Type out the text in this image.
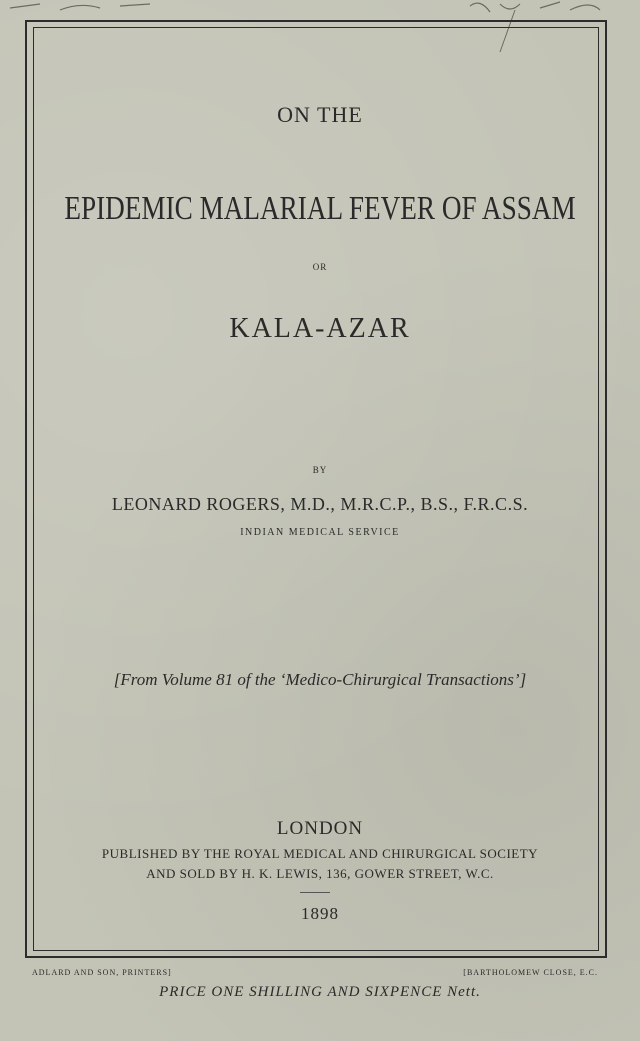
ON THE
EPIDEMIC MALARIAL FEVER OF ASSAM
OR
KALA-AZAR
BY
LEONARD ROGERS, M.D., M.R.C.P., B.S., F.R.C.S.
INDIAN MEDICAL SERVICE
[From Volume 81 of the ‘Medico-Chirurgical Transactions’]
LONDON
PUBLISHED BY THE ROYAL MEDICAL AND CHIRURGICAL SOCIETY
AND SOLD BY H. K. LEWIS, 136, GOWER STREET, W.C.
1898
ADLARD AND SON, PRINTERS]	[BARTHOLOMEW CLOSE, E.C.
PRICE ONE SHILLING AND SIXPENCE Nett.
